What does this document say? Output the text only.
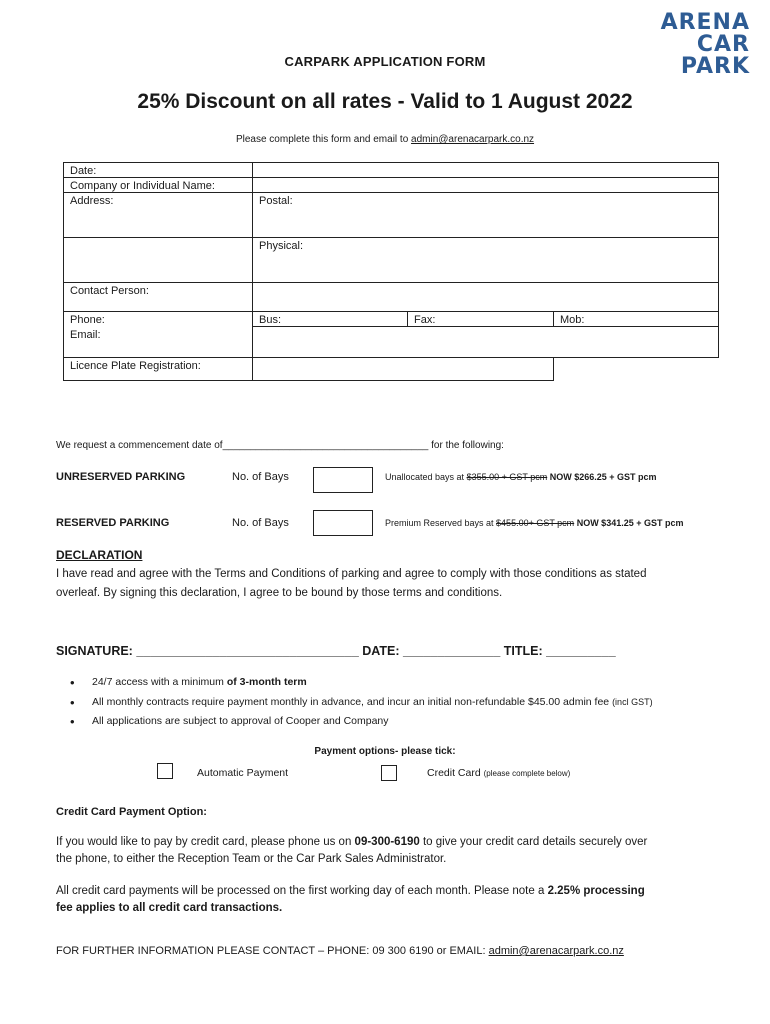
ARENA
CAR
PARK
CARPARK APPLICATION FORM
25% Discount on all rates - Valid to 1 August 2022
Please complete this form and email to admin@arenacarpark.co.nz
Date:			
Company or Individual Name:			
Address:	Postal:		
	Physical:		
Contact Person:			
Phone:	Bus:	Fax:	Mob:
Email:			
Licence Plate Registration:			
We request a commencement date of_____________________________________ for the following:
UNRESERVED PARKING	No. of Bays	Unallocated bays at $355.00 + GST pcm NOW $266.25 + GST pcm
RESERVED PARKING	No. of Bays	Premium Reserved bays at $455.00+ GST pcm NOW $341.25 + GST pcm
DECLARATION
I have read and agree with the Terms and Conditions of parking and agree to comply with those conditions as stated
overleaf. By signing this declaration, I agree to be bound by those terms and conditions.
SIGNATURE: ________________________________ DATE: ______________ TITLE: __________
• 24/7 access with a minimum of 3-month term
• All monthly contracts require payment monthly in advance, and incur an initial non-refundable $45.00 admin fee (incl GST)
• All applications are subject to approval of Cooper and Company
Payment options- please tick:
Automatic Payment	Credit Card (please complete below)
Credit Card Payment Option:
If you would like to pay by credit card, please phone us on 09-300-6190 to give your credit card details securely over
the phone, to either the Reception Team or the Car Park Sales Administrator.
All credit card payments will be processed on the first working day of each month. Please note a 2.25% processing
fee applies to all credit card transactions.
FOR FURTHER INFORMATION PLEASE CONTACT – PHONE: 09 300 6190 or EMAIL: admin@arenacarpark.co.nz
